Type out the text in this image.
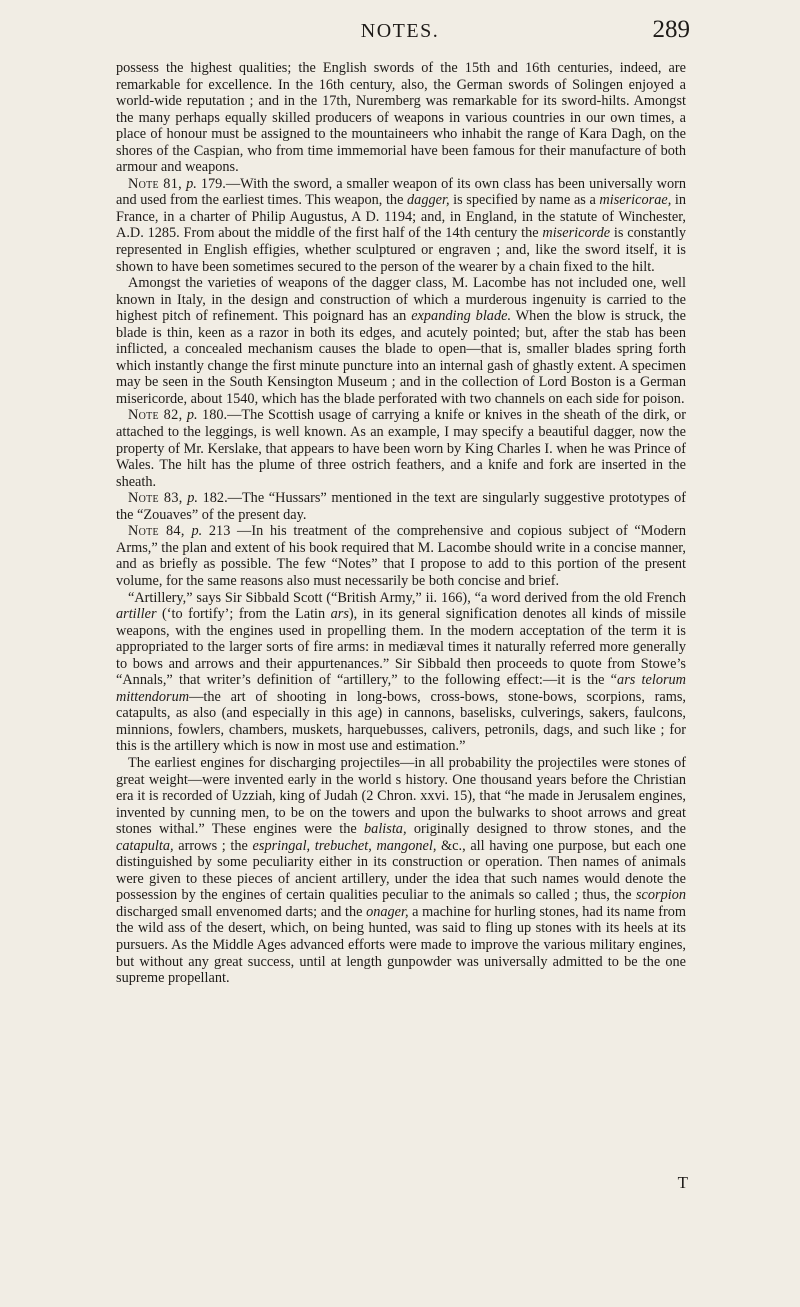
NOTES.	289

possess the highest qualities; the English swords of the 15th and 16th centuries, indeed, are remarkable for excellence. In the 16th century, also, the German swords of Solingen enjoyed a world-wide reputation ; and in the 17th, Nuremberg was remarkable for its sword-hilts. Amongst the many perhaps equally skilled producers of weapons in various countries in our own times, a place of honour must be assigned to the mountaineers who inhabit the range of Kara Dagh, on the shores of the Caspian, who from time immemorial have been famous for their manufacture of both armour and weapons.

Note 81, p. 179.—With the sword, a smaller weapon of its own class has been universally worn and used from the earliest times. This weapon, the dagger, is specified by name as a misericorae, in France, in a charter of Philip Augustus, A D. 1194; and, in England, in the statute of Winchester, A.D. 1285. From about the middle of the first half of the 14th century the misericorde is constantly represented in English effigies, whether sculptured or engraven ; and, like the sword itself, it is shown to have been sometimes secured to the person of the wearer by a chain fixed to the hilt.

Amongst the varieties of weapons of the dagger class, M. Lacombe has not included one, well known in Italy, in the design and construction of which a murderous ingenuity is carried to the highest pitch of refinement. This poignard has an expanding blade. When the blow is struck, the blade is thin, keen as a razor in both its edges, and acutely pointed; but, after the stab has been inflicted, a concealed mechanism causes the blade to open—that is, smaller blades spring forth which instantly change the first minute puncture into an internal gash of ghastly extent. A specimen may be seen in the South Kensington Museum ; and in the collection of Lord Boston is a German misericorde, about 1540, which has the blade perforated with two channels on each side for poison.

Note 82, p. 180.—The Scottish usage of carrying a knife or knives in the sheath of the dirk, or attached to the leggings, is well known. As an example, I may specify a beautiful dagger, now the property of Mr. Kerslake, that appears to have been worn by King Charles I. when he was Prince of Wales. The hilt has the plume of three ostrich feathers, and a knife and fork are inserted in the sheath.

Note 83, p. 182.—The “Hussars” mentioned in the text are singularly suggestive prototypes of the “Zouaves” of the present day.

Note 84, p. 213 —In his treatment of the comprehensive and copious subject of “Modern Arms,” the plan and extent of his book required that M. Lacombe should write in a concise manner, and as briefly as possible. The few “Notes” that I propose to add to this portion of the present volume, for the same reasons also must necessarily be both concise and brief.

“Artillery,” says Sir Sibbald Scott (“British Army,” ii. 166), “a word derived from the old French artiller (‘to fortify’; from the Latin ars), in its general signification denotes all kinds of missile weapons, with the engines used in propelling them. In the modern acceptation of the term it is appropriated to the larger sorts of fire arms: in mediæval times it naturally referred more generally to bows and arrows and their appurtenances.” Sir Sibbald then proceeds to quote from Stowe’s “Annals,” that writer’s definition of “artillery,” to the following effect:—it is the “ars telorum mittendorum—the art of shooting in long-bows, cross-bows, stone-bows, scorpions, rams, catapults, as also (and especially in this age) in cannons, baselisks, culverings, sakers, faulcons, minnions, fowlers, chambers, muskets, harquebusses, calivers, petronils, dags, and such like ; for this is the artillery which is now in most use and estimation.”

The earliest engines for discharging projectiles—in all probability the projectiles were stones of great weight—were invented early in the world s history. One thousand years before the Christian era it is recorded of Uzziah, king of Judah (2 Chron. xxvi. 15), that “he made in Jerusalem engines, invented by cunning men, to be on the towers and upon the bulwarks to shoot arrows and great stones withal.” These engines were the balista, originally designed to throw stones, and the catapulta, arrows ; the espringal, trebuchet, mangonel, &c., all having one purpose, but each one distinguished by some peculiarity either in its construction or operation. Then names of animals were given to these pieces of ancient artillery, under the idea that such names would denote the possession by the engines of certain qualities peculiar to the animals so called ; thus, the scorpion discharged small envenomed darts; and the onager, a machine for hurling stones, had its name from the wild ass of the desert, which, on being hunted, was said to fling up stones with its heels at its pursuers. As the Middle Ages advanced efforts were made to improve the various military engines, but without any great success, until at length gunpowder was universally admitted to be the one supreme propellant.

T
